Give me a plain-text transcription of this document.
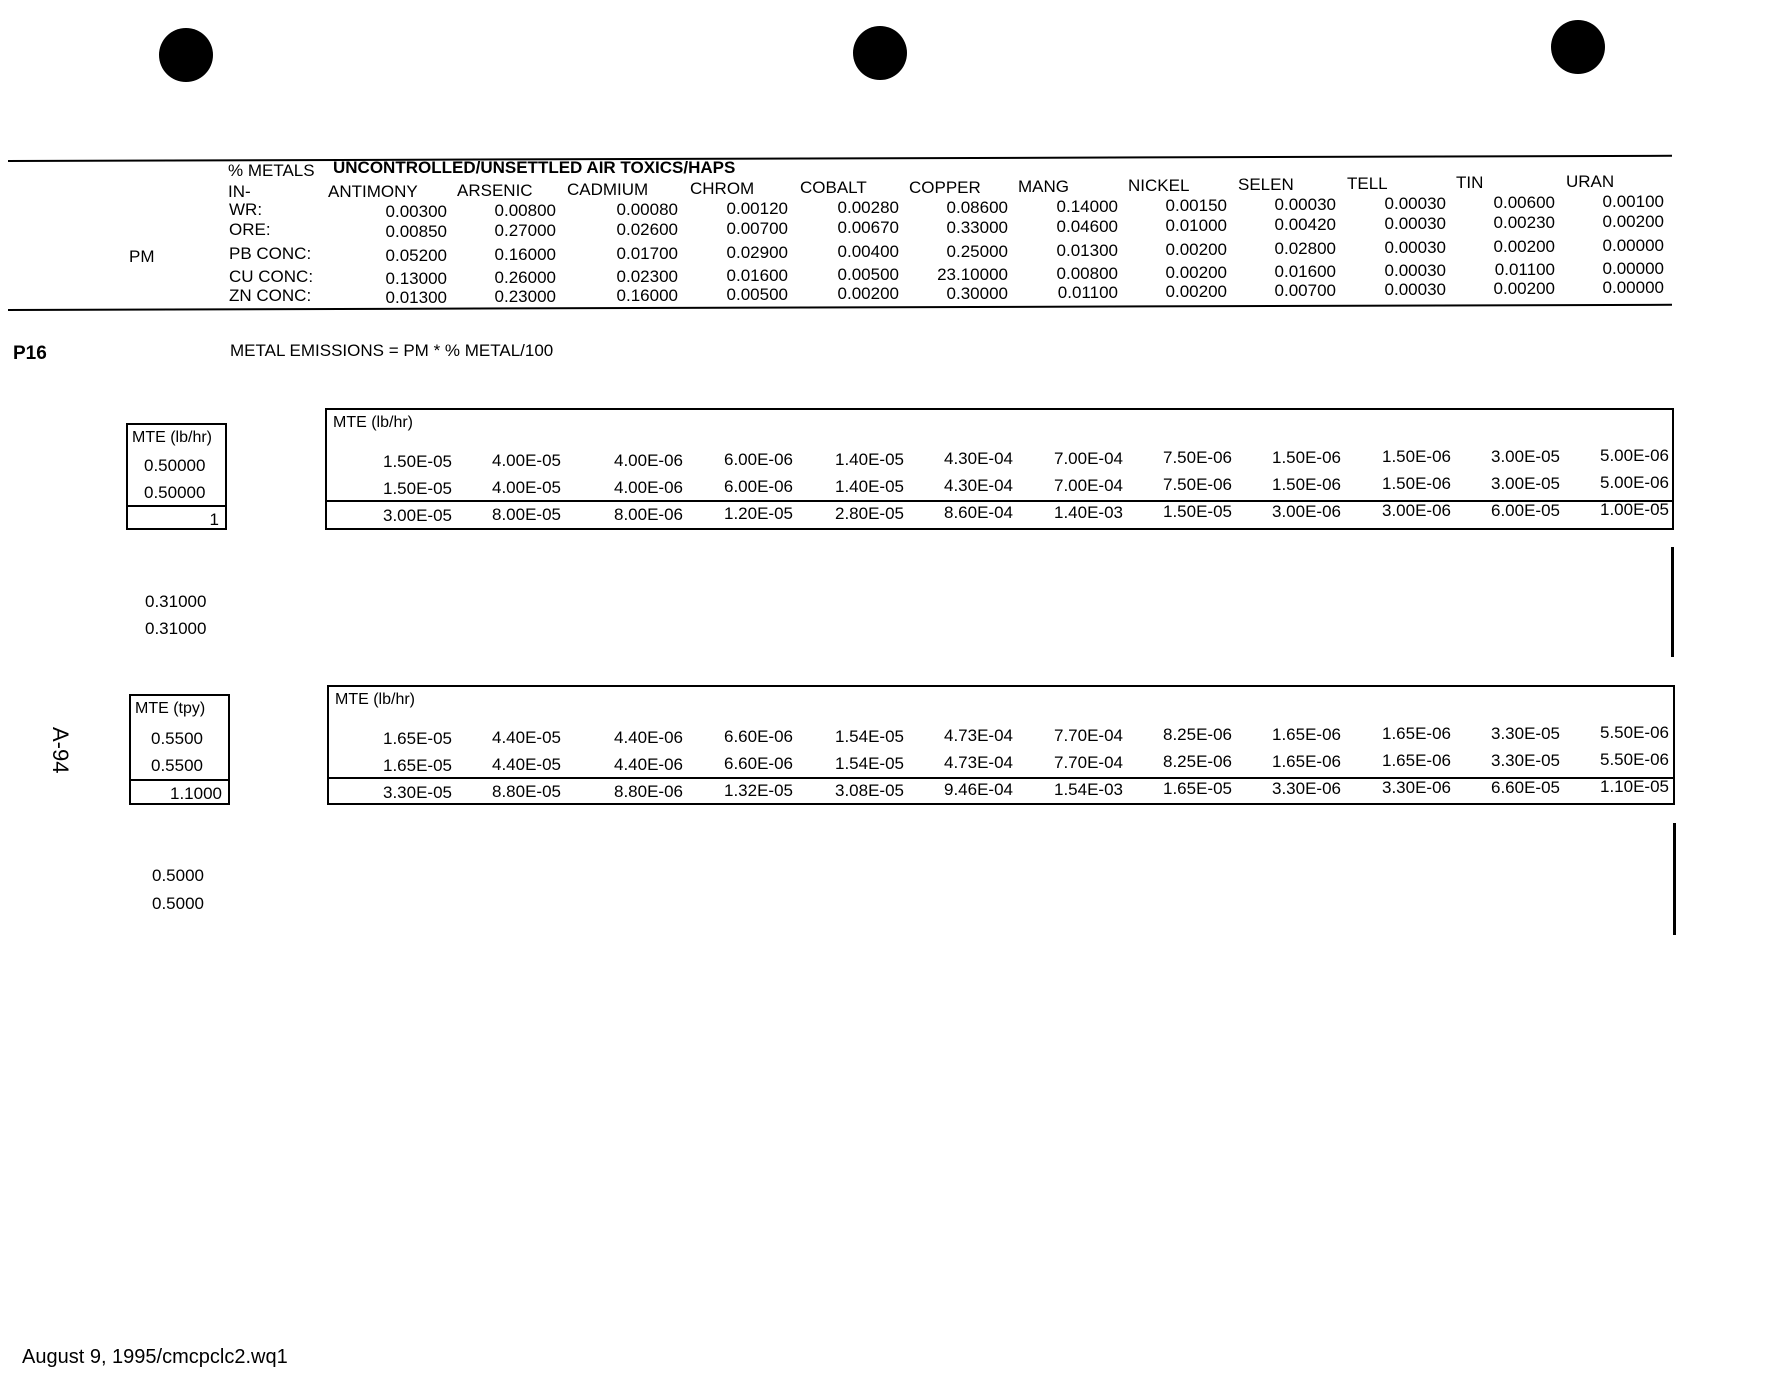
% METALS UNCONTROLLED/UNSETTLED AIR TOXICS/HAPS
IN-
PM
ANTIMONY ARSENIC CADMIUM CHROM	COBALT COPPER MANG	NICKEL	SELEN	TELL	TIN	URAN
WR:	0.00300	0.00800	0.00080	0.00120	0.00280	0.08600	0.14000	0.00150	0.00030	0.00030	0.00600	0.00100
ORE:	0.00850	0.27000	0.02600	0.00700	0.00670	0.33000	0.04600	0.01000	0.00420	0.00030	0.00230	0.00200
PB CONC:	0.05200	0.16000	0.01700	0.02900	0.00400	0.25000	0.01300	0.00200	0.02800	0.00030	0.00200	0.00000
CU CONC:	0.13000	0.26000	0.02300	0.01600	0.00500 23.10000	0.00800	0.00200	0.01600	0.00030	0.01100	0.00000
ZN CONC:	0.01300	0.23000	0.16000	0.00500	0.00200	0.30000	0.01100	0.00200	0.00700	0.00030	0.00200	0.00000
P16	METAL EMISSIONS = PM * % METAL/100
MTE (lb/hr)
0.50000
0.50000
1
MTE (lb/hr)
1.50E-05	4.00E-05	4.00E-06	6.00E-06	1.40E-05	4.30E-04	7.00E-04	7.50E-06	1.50E-06	1.50E-06	3.00E-05	5.00E-06
1.50E-05	4.00E-05	4.00E-06	6.00E-06	1.40E-05	4.30E-04	7.00E-04	7.50E-06	1.50E-06	1.50E-06	3.00E-05	5.00E-06
3.00E-05	8.00E-05	8.00E-06	1.20E-05	2.80E-05	8.60E-04	1.40E-03	1.50E-05	3.00E-06	3.00E-06	6.00E-05	1.00E-05
0.31000
0.31000
A-94
MTE (tpy)
0.5500
0.5500
1.1000
MTE (lb/hr)
1.65E-05	4.40E-05	4.40E-06	6.60E-06	1.54E-05	4.73E-04	7.70E-04	8.25E-06	1.65E-06	1.65E-06	3.30E-05	5.50E-06
1.65E-05	4.40E-05	4.40E-06	6.60E-06	1.54E-05	4.73E-04	7.70E-04	8.25E-06	1.65E-06	1.65E-06	3.30E-05	5.50E-06
3.30E-05	8.80E-05	8.80E-06	1.32E-05	3.08E-05	9.46E-04	1.54E-03	1.65E-05	3.30E-06	3.30E-06	6.60E-05	1.10E-05
0.5000
0.5000
August 9, 1995/cmcpclc2.wq1
